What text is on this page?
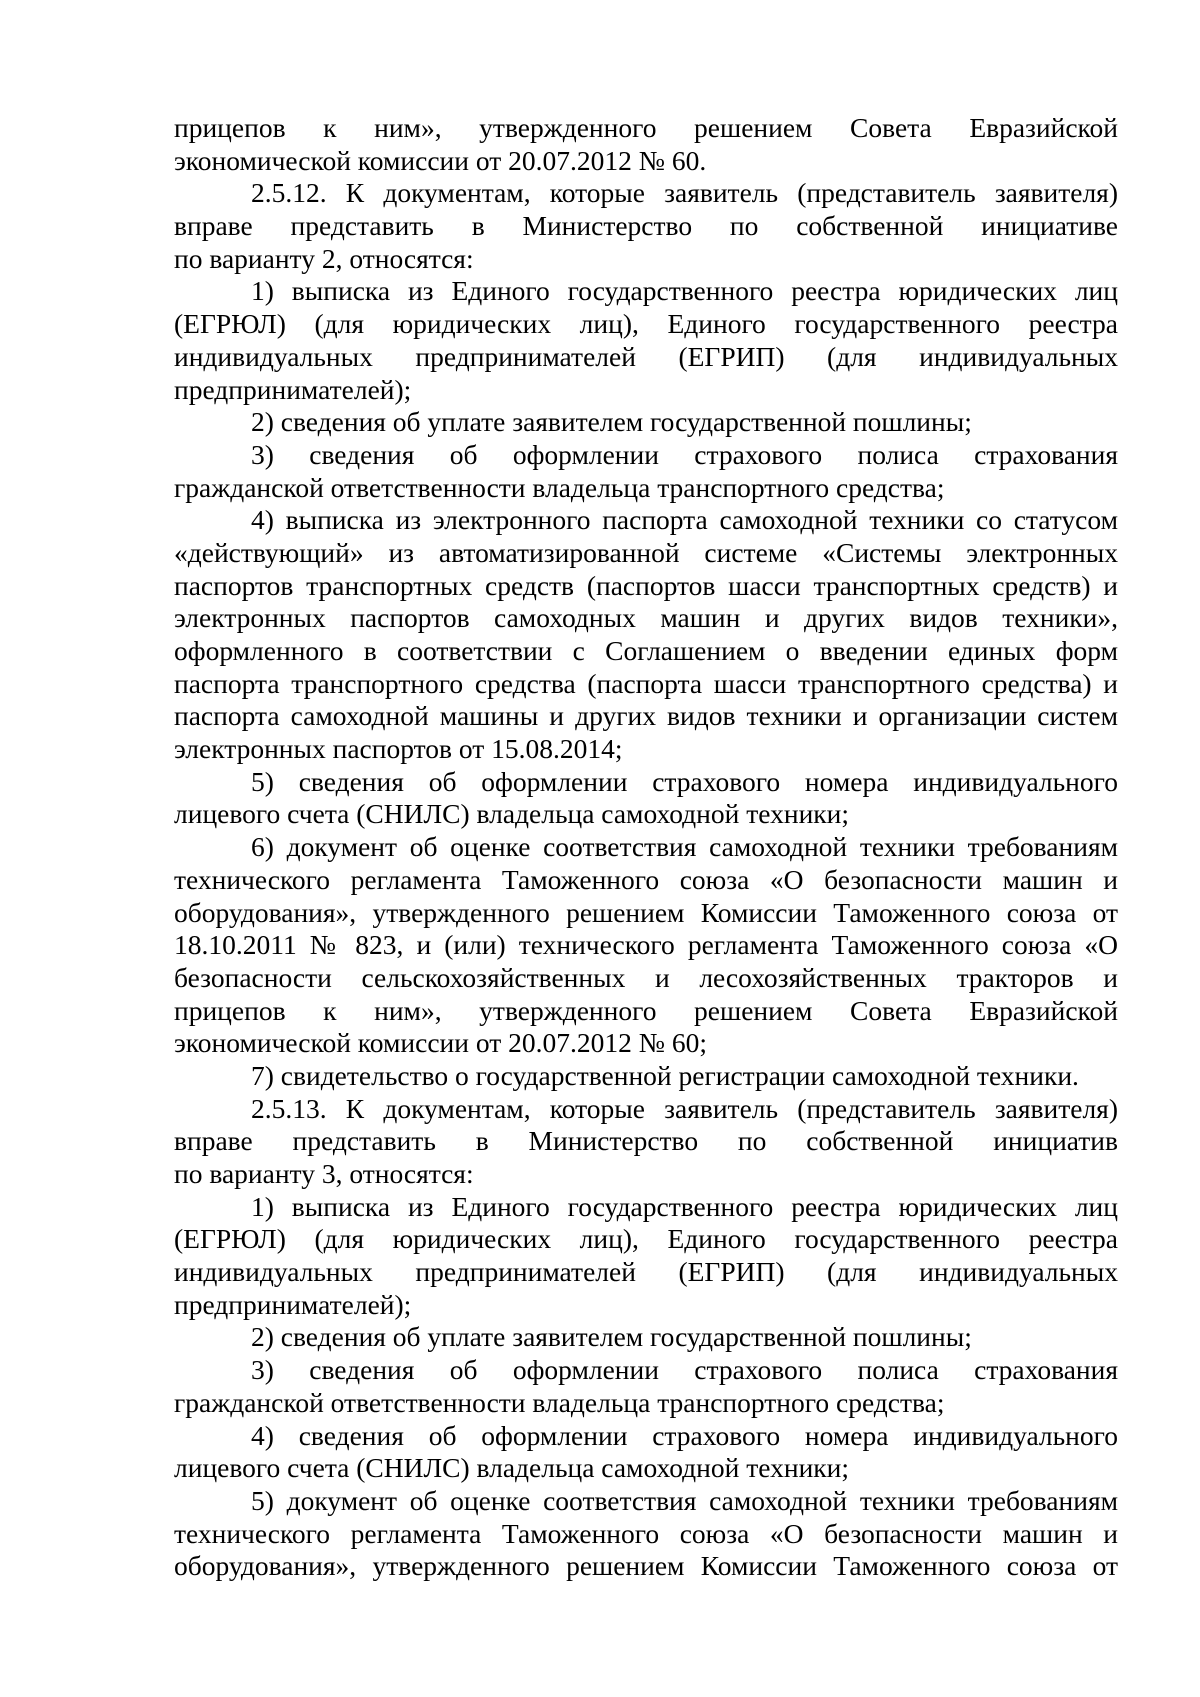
прицепов к ним», утвержденного решением Совета Евразийской
экономической комиссии от 20.07.2012 № 60.
2.5.12. К документам, которые заявитель (представитель заявителя)
вправе представить в Министерство по собственной инициативе
по варианту 2, относятся:
1) выписка из Единого государственного реестра юридических лиц
(ЕГРЮЛ) (для юридических лиц), Единого государственного реестра
индивидуальных предпринимателей (ЕГРИП) (для индивидуальных
предпринимателей);
2) сведения об уплате заявителем государственной пошлины;
3) сведения об оформлении страхового полиса страхования
гражданской ответственности владельца транспортного средства;
4) выписка из электронного паспорта самоходной техники со статусом
«действующий» из автоматизированной системе «Системы электронных
паспортов транспортных средств (паспортов шасси транспортных средств) и
электронных паспортов самоходных машин и других видов техники»,
оформленного в соответствии с Соглашением о введении единых форм
паспорта транспортного средства (паспорта шасси транспортного средства) и
паспорта самоходной машины и других видов техники и организации систем
электронных паспортов от 15.08.2014;
5) сведения об оформлении страхового номера индивидуального
лицевого счета (СНИЛС) владельца самоходной техники;
6) документ об оценке соответствия самоходной техники требованиям
технического регламента Таможенного союза «О безопасности машин и
оборудования», утвержденного решением Комиссии Таможенного союза от
18.10.2011 № 823, и (или) технического регламента Таможенного союза «О
безопасности сельскохозяйственных и лесохозяйственных тракторов и
прицепов к ним», утвержденного решением Совета Евразийской
экономической комиссии от 20.07.2012 № 60;
7) свидетельство о государственной регистрации самоходной техники.
2.5.13. К документам, которые заявитель (представитель заявителя)
вправе представить в Министерство по собственной инициатив
по варианту 3, относятся:
1) выписка из Единого государственного реестра юридических лиц
(ЕГРЮЛ) (для юридических лиц), Единого государственного реестра
индивидуальных предпринимателей (ЕГРИП) (для индивидуальных
предпринимателей);
2) сведения об уплате заявителем государственной пошлины;
3) сведения об оформлении страхового полиса страхования
гражданской ответственности владельца транспортного средства;
4) сведения об оформлении страхового номера индивидуального
лицевого счета (СНИЛС) владельца самоходной техники;
5) документ об оценке соответствия самоходной техники требованиям
технического регламента Таможенного союза «О безопасности машин и
оборудования», утвержденного решением Комиссии Таможенного союза от
